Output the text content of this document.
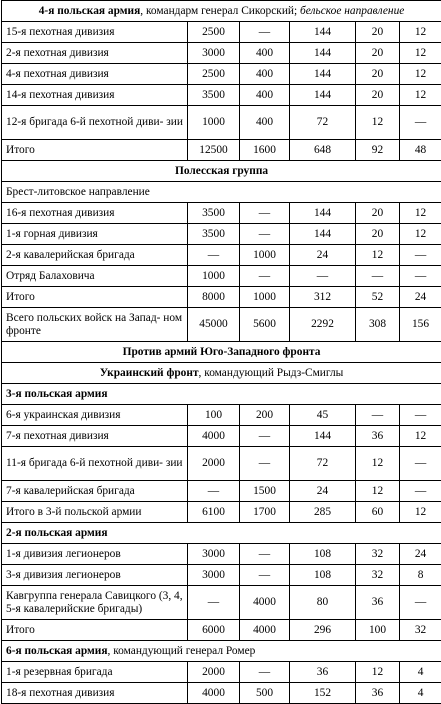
4-я польская армия, командарм генерал Сикорский; бельское направление					
15-я пехотная дивизия	2500	—	144	20	12
2-я пехотная дивизия	3000	400	144	20	12
4-я пехотная дивизия	2500	400	144	20	12
14-я пехотная дивизия	3500	400	144	20	12
12-я бригада 6-й пехотной диви- зии	1000	400	72	12	—
Итого	12500	1600	648	92	48
Полесская группа					
Брест-литовское направление					
16-я пехотная дивизия	3500	—	144	20	12
1-я горная дивизия	3500	—	144	20	12
2-я кавалерийская бригада	—	1000	24	12	—
Отряд Балаховича	1000	—	—	—	—
Итого	8000	1000	312	52	24
Всего польских войск на Запад- ном фронте	45000	5600	2292	308	156
Против армий Юго-Западного фронта					
Украинский фронт, командующий Рыдз-Смиглы					
3-я польская армия					
6-я украинская дивизия	100	200	45	—	—
7-я пехотная дивизия	4000	—	144	36	12
11-я бригада 6-й пехотной диви- зии	2000	—	72	12	—
7-я кавалерийская бригада	—	1500	24	12	—
Итого в 3-й польской армии	6100	1700	285	60	12
2-я польская армия					
1-я дивизия легионеров	3000	—	108	32	24
3-я дивизия легионеров	3000	—	108	32	8
Кавгруппа генерала Савицкого (3, 4, 5-я кавалерийские бригады)	—	4000	80	36	—
Итого	6000	4000	296	100	32
6-я польская армия, командующий генерал Ромер					
1-я резервная бригада	2000	—	36	12	4
18-я пехотная дивизия	4000	500	152	36	4
